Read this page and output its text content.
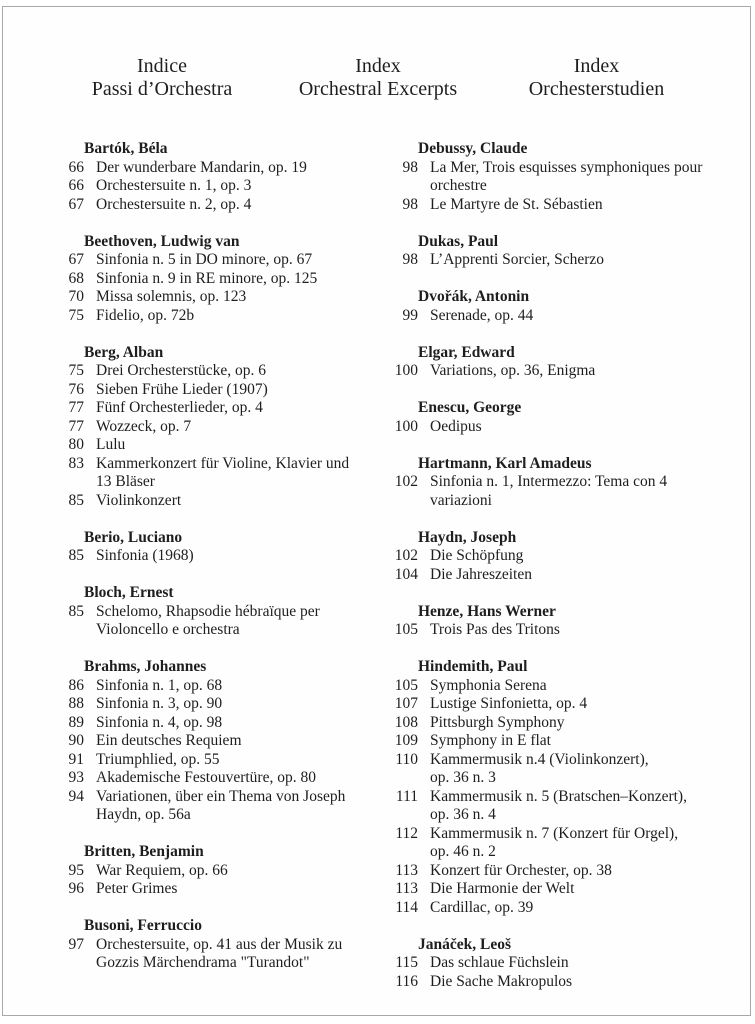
Indice
Passi d’Orchestra
Index
Orchestral Excerpts
Index
Orchesterstudien
Bartók, Béla
66 Der wunderbare Mandarin, op. 19
66 Orchestersuite n. 1, op. 3
67 Orchestersuite n. 2, op. 4
Beethoven, Ludwig van
67 Sinfonia n. 5 in DO minore, op. 67
68 Sinfonia n. 9 in RE minore, op. 125
70 Missa solemnis, op. 123
75 Fidelio, op. 72b
Berg, Alban
75 Drei Orchesterstücke, op. 6
76 Sieben Frühe Lieder (1907)
77 Fünf Orchesterlieder, op. 4
77 Wozzeck, op. 7
80 Lulu
83 Kammerkonzert für Violine, Klavier und
13 Bläser
85 Violinkonzert
Berio, Luciano
85 Sinfonia (1968)
Bloch, Ernest
85 Schelomo, Rhapsodie hébraïque per
Violoncello e orchestra
Brahms, Johannes
86 Sinfonia n. 1, op. 68
88 Sinfonia n. 3, op. 90
89 Sinfonia n. 4, op. 98
90 Ein deutsches Requiem
91 Triumphlied, op. 55
93 Akademische Festouvertüre, op. 80
94 Variationen, über ein Thema von Joseph
Haydn, op. 56a
Britten, Benjamin
95 War Requiem, op. 66
96 Peter Grimes
Busoni, Ferruccio
97 Orchestersuite, op. 41 aus der Musik zu
Gozzis Märchendrama "Turandot"
Debussy, Claude
98 La Mer, Trois esquisses symphoniques pour
orchestre
98 Le Martyre de St. Sébastien
Dukas, Paul
98 L’Apprenti Sorcier, Scherzo
Dvořák, Antonin
99 Serenade, op. 44
Elgar, Edward
100 Variations, op. 36, Enigma
Enescu, George
100 Oedipus
Hartmann, Karl Amadeus
102 Sinfonia n. 1, Intermezzo: Tema con 4
variazioni
Haydn, Joseph
102 Die Schöpfung
104 Die Jahreszeiten
Henze, Hans Werner
105 Trois Pas des Tritons
Hindemith, Paul
105 Symphonia Serena
107 Lustige Sinfonietta, op. 4
108 Pittsburgh Symphony
109 Symphony in E flat
110 Kammermusik n.4 (Violinkonzert),
op. 36 n. 3
111 Kammermusik n. 5 (Bratschen–Konzert),
op. 36 n. 4
112 Kammermusik n. 7 (Konzert für Orgel),
op. 46 n. 2
113 Konzert für Orchester, op. 38
113 Die Harmonie der Welt
114 Cardillac, op. 39
Janáček, Leoš
115 Das schlaue Füchslein
116 Die Sache Makropulos
